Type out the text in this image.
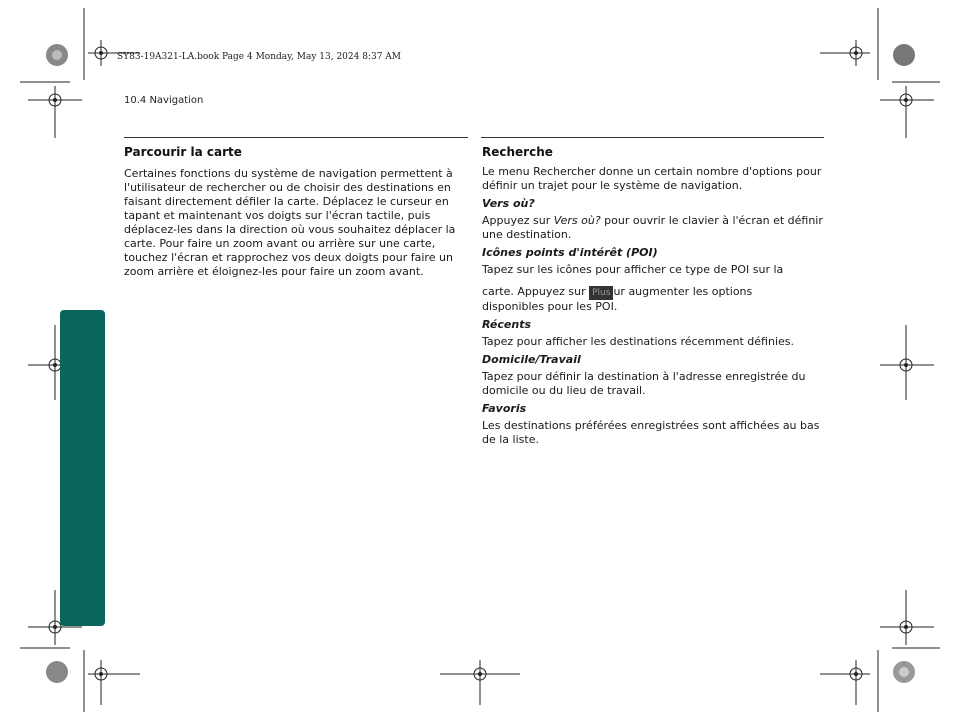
SY83-19A321-LA.book Page 4 Monday, May 13, 2024 8:37 AM
10.4 Navigation
Parcourir la carte

Certaines fonctions du système de navigation permettent à l'utilisateur de rechercher ou de choisir des destinations en faisant directement défiler la carte. Déplacez le curseur en tapant et maintenant vos doigts sur l'écran tactile, puis déplacez-les dans la direction où vous souhaitez déplacer la carte. Pour faire un zoom avant ou arrière sur une carte, touchez l'écran et rapprochez vos deux doigts pour faire un zoom arrière et éloignez-les pour faire un zoom avant.

Recherche

Le menu Rechercher donne un certain nombre d'options pour définir un trajet pour le système de navigation.

Vers où?

Appuyez sur Vers où? pour ouvrir le clavier à l'écran et définir une destination.

Icônes points d'intérêt (POI)

Tapez sur les icônes pour afficher ce type de POI sur la

carte. Appuyez sur Plus ur augmenter les options

disponibles pour les POI.

Récents

Tapez pour afficher les destinations récemment définies.

Domicile/Travail

Tapez pour définir la destination à l'adresse enregistrée du domicile ou du lieu de travail.

Favoris

Les destinations préférées enregistrées sont affichées au bas de la liste.
